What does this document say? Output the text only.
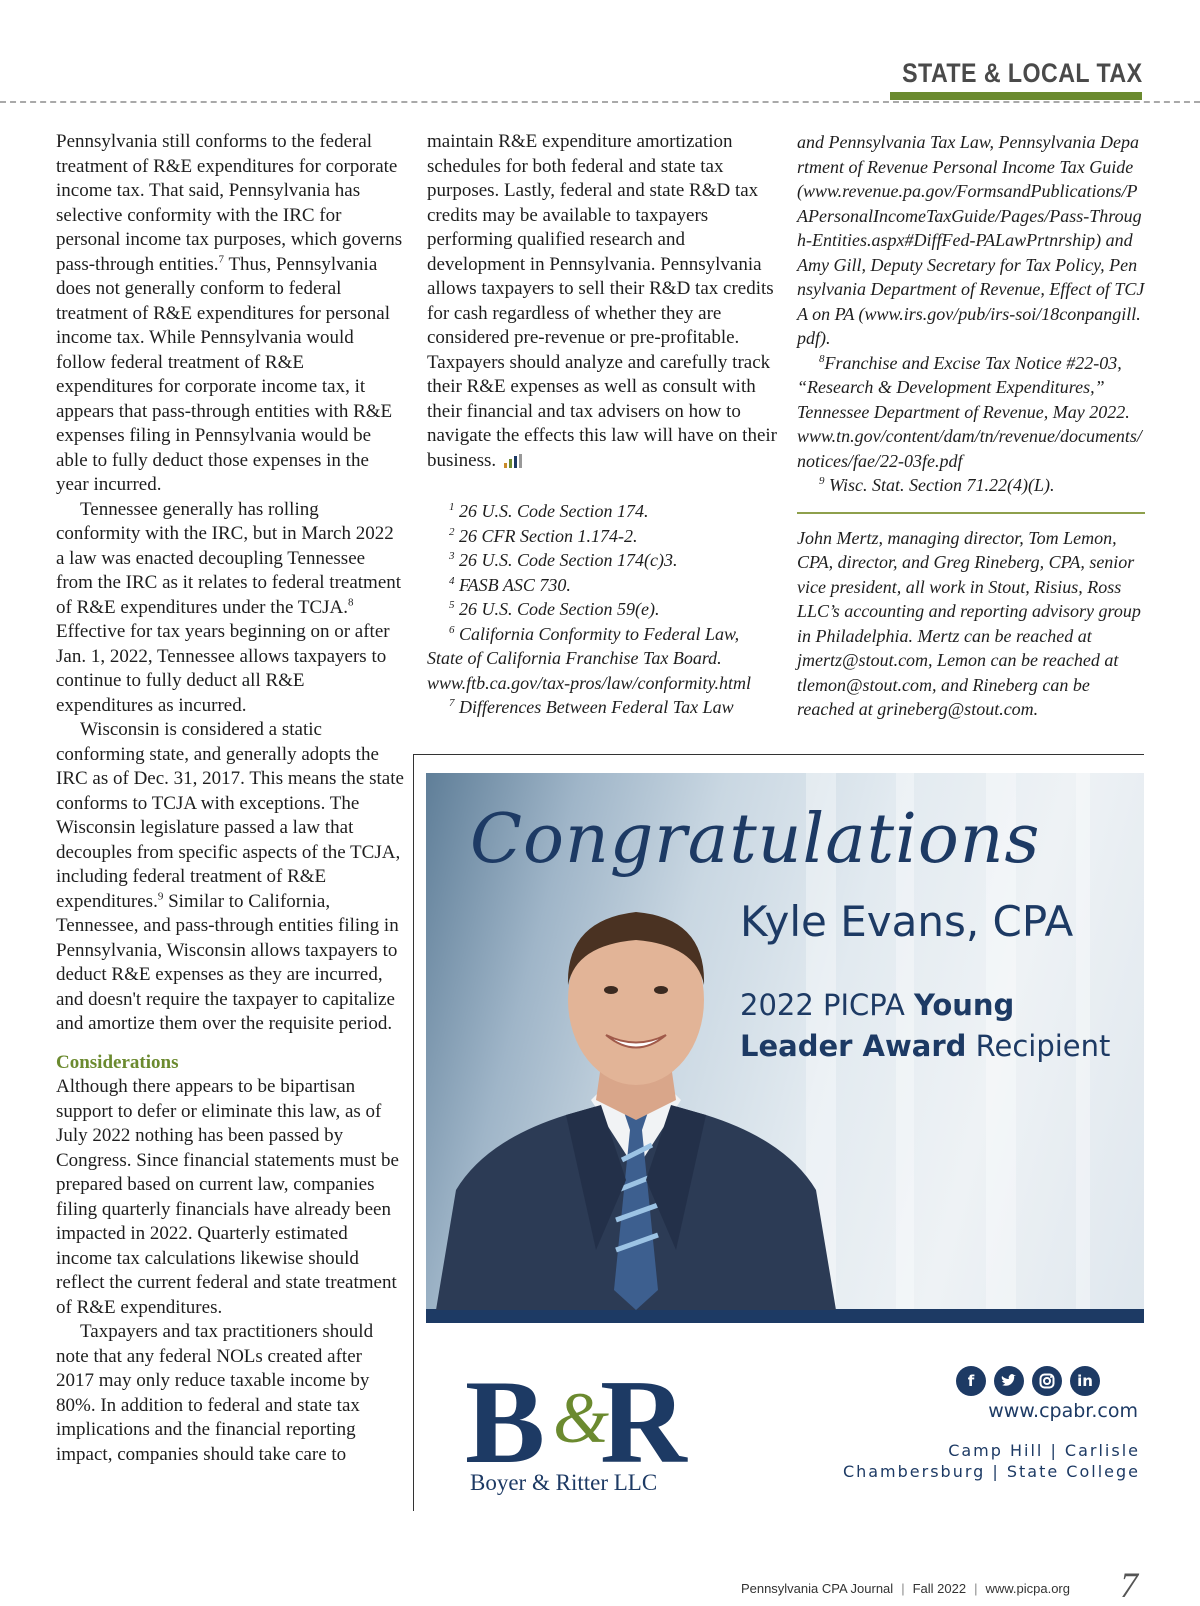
STATE & LOCAL TAX

Pennsylvania still conforms to the federal treatment of R&E expenditures for corporate income tax. That said, Pennsylvania has selective conformity with the IRC for personal income tax purposes, which governs pass-through entities.$^7$ Thus, Pennsylvania does not generally conform to federal treatment of R&E expenditures for personal income tax. While Pennsylvania would follow federal treatment of R&E expenditures for corporate income tax, it appears that pass-through entities with R&E expenses filing in Pennsylvania would be able to fully deduct those expenses in the year incurred.

Tennessee generally has rolling conformity with the IRC, but in March 2022 a law was enacted decoupling Tennessee from the IRC as it relates to federal treatment of R&E expenditures under the TCJA.$^8$ Effective for tax years beginning on or after Jan. 1, 2022, Tennessee allows taxpayers to continue to fully deduct all R&E expenditures as incurred.

Wisconsin is considered a static conforming state, and generally adopts the IRC as of Dec. 31, 2017. This means the state conforms to TCJA with exceptions. The Wisconsin legislature passed a law that decouples from specific aspects of the TCJA, including federal treatment of R&E expenditures.$^9$ Similar to California, Tennessee, and pass-through entities filing in Pennsylvania, Wisconsin allows taxpayers to deduct R&E expenses as they are incurred, and doesn't require the taxpayer to capitalize and amortize them over the requisite period.

Considerations

Although there appears to be bipartisan support to defer or eliminate this law, as of July 2022 nothing has been passed by Congress. Since financial statements must be prepared based on current law, companies filing quarterly financials have already been impacted in 2022. Quarterly estimated income tax calculations likewise should reflect the current federal and state treatment of R&E expenditures.

Taxpayers and tax practitioners should note that any federal NOLs created after 2017 may only reduce taxable income by 80%. In addition to federal and state tax implications and the financial reporting impact, companies should take care to

maintain R&E expenditure amortization schedules for both federal and state tax purposes. Lastly, federal and state R&D tax credits may be available to taxpayers performing qualified research and development in Pennsylvania. Pennsylvania allows taxpayers to sell their R&D tax credits for cash regardless of whether they are considered pre-revenue or pre-profitable. Taxpayers should analyze and carefully track their R&E expenses as well as consult with their financial and tax advisers on how to navigate the effects this law will have on their business.

$^1$ 26 U.S. Code Section 174.

$^2$ 26 CFR Section 1.174-2.

$^3$ 26 U.S. Code Section 174(c)3.

$^4$ FASB ASC 730.

$^5$ 26 U.S. Code Section 59(e).

$^6$ California Conformity to Federal Law, State of California Franchise Tax Board. www.ftb.ca.gov/tax-pros/law/conformity.html

$^7$ Differences Between Federal Tax Law

and Pennsylvania Tax Law, Pennsylvania Department of Revenue Personal Income Tax Guide (www.revenue.pa.gov/FormsandPublications/PAPersonalIncomeTaxGuide/Pages/Pass-Through-Entities.aspx#DiffFed-PALawPrtnrship) and Amy Gill, Deputy Secretary for Tax Policy, Pennsylvania Department of Revenue, Effect of TCJA on PA (www.irs.gov/pub/irs-soi/18conpangill.pdf).

$^8$Franchise and Excise Tax Notice #22-03, “Research & Development Expenditures,” Tennessee Department of Revenue, May 2022. www.tn.gov/content/dam/tn/revenue/documents/notices/fae/22-03fe.pdf

$^9$ Wisc. Stat. Section 71.22(4)(L).

John Mertz, managing director, Tom Lemon, CPA, director, and Greg Rineberg, CPA, senior vice president, all work in Stout, Risius, Ross LLC’s accounting and reporting advisory group in Philadelphia. Mertz can be reached at jmertz@stout.com, Lemon can be reached at tlemon@stout.com, and Rineberg can be reached at grineberg@stout.com.

Congratulations
Kyle Evans, CPA
2022 PICPA Young
Leader Award Recipient
B R
&
Boyer & Ritter LLC
f	in
www.cpabr.com
Camp Hill | Carlisle
Chambersburg | State College
Pennsylvania CPA Journal | Fall 2022 | www.picpa.org 7
